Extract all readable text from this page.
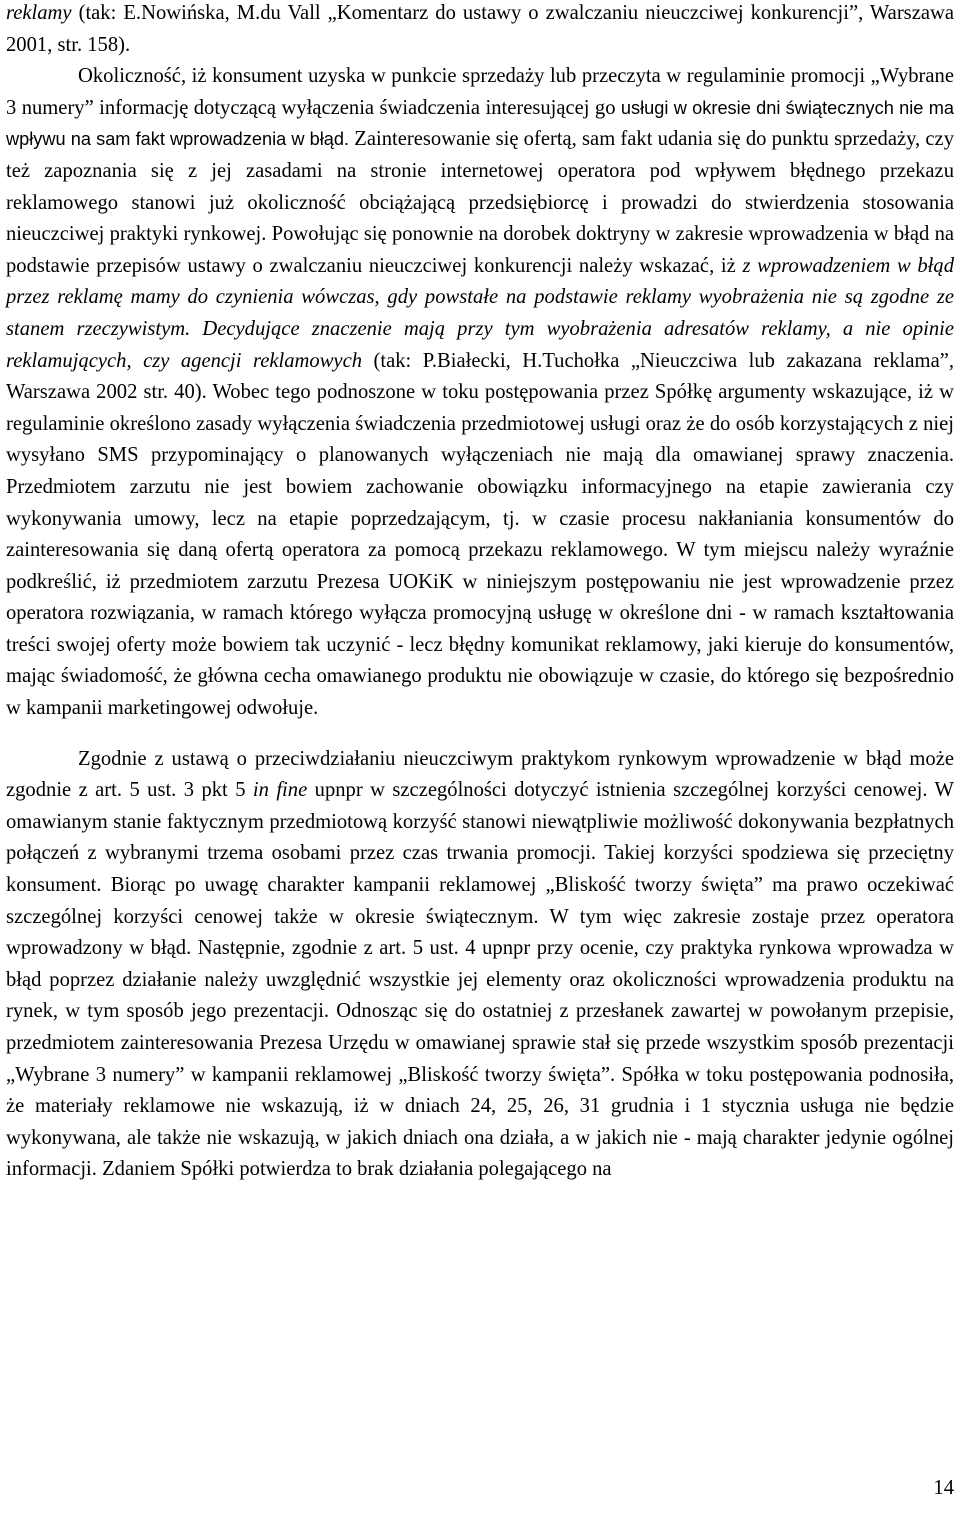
reklamy (tak: E.Nowińska, M.du Vall „Komentarz do ustawy o zwalczaniu nieuczciwej konkurencji”, Warszawa 2001, str. 158).

Okoliczność, iż konsument uzyska w punkcie sprzedaży lub przeczyta w regulaminie promocji „Wybrane 3 numery” informację dotyczącą wyłączenia świadczenia interesującej go usługi w okresie dni świątecznych nie ma wpływu na sam fakt wprowadzenia w błąd. Zainteresowanie się ofertą, sam fakt udania się do punktu sprzedaży, czy też zapoznania się z jej zasadami na stronie internetowej operatora pod wpływem błędnego przekazu reklamowego stanowi już okoliczność obciążającą przedsiębiorcę i prowadzi do stwierdzenia stosowania nieuczciwej praktyki rynkowej. Powołując się ponownie na dorobek doktryny w zakresie wprowadzenia w błąd na podstawie przepisów ustawy o zwalczaniu nieuczciwej konkurencji należy wskazać, iż z wprowadzeniem w błąd przez reklamę mamy do czynienia wówczas, gdy powstałe na podstawie reklamy wyobrażenia nie są zgodne ze stanem rzeczywistym. Decydujące znaczenie mają przy tym wyobrażenia adresatów reklamy, a nie opinie reklamujących, czy agencji reklamowych (tak: P.Białecki, H.Tuchołka „Nieuczciwa lub zakazana reklama”, Warszawa 2002 str. 40). Wobec tego podnoszone w toku postępowania przez Spółkę argumenty wskazujące, iż w regulaminie określono zasady wyłączenia świadczenia przedmiotowej usługi oraz że do osób korzystających z niej wysyłano SMS przypominający o planowanych wyłączeniach nie mają dla omawianej sprawy znaczenia. Przedmiotem zarzutu nie jest bowiem zachowanie obowiązku informacyjnego na etapie zawierania czy wykonywania umowy, lecz na etapie poprzedzającym, tj. w czasie procesu nakłaniania konsumentów do zainteresowania się daną ofertą operatora za pomocą przekazu reklamowego. W tym miejscu należy wyraźnie podkreślić, iż przedmiotem zarzutu Prezesa UOKiK w niniejszym postępowaniu nie jest wprowadzenie przez operatora rozwiązania, w ramach którego wyłącza promocyjną usługę w określone dni - w ramach kształtowania treści swojej oferty może bowiem tak uczynić - lecz błędny komunikat reklamowy, jaki kieruje do konsumentów, mając świadomość, że główna cecha omawianego produktu nie obowiązuje w czasie, do którego się bezpośrednio w kampanii marketingowej odwołuje.

Zgodnie z ustawą o przeciwdziałaniu nieuczciwym praktykom rynkowym wprowadzenie w błąd może zgodnie z art. 5 ust. 3 pkt 5 in fine upnpr w szczególności dotyczyć istnienia szczególnej korzyści cenowej. W omawianym stanie faktycznym przedmiotową korzyść stanowi niewątpliwie możliwość dokonywania bezpłatnych połączeń z wybranymi trzema osobami przez czas trwania promocji. Takiej korzyści spodziewa się przeciętny konsument. Biorąc po uwagę charakter kampanii reklamowej „Bliskość tworzy święta” ma prawo oczekiwać szczególnej korzyści cenowej także w okresie świątecznym. W tym więc zakresie zostaje przez operatora wprowadzony w błąd. Następnie, zgodnie z art. 5 ust. 4 upnpr przy ocenie, czy praktyka rynkowa wprowadza w błąd poprzez działanie należy uwzględnić wszystkie jej elementy oraz okoliczności wprowadzenia produktu na rynek, w tym sposób jego prezentacji. Odnosząc się do ostatniej z przesłanek zawartej w powołanym przepisie, przedmiotem zainteresowania Prezesa Urzędu w omawianej sprawie stał się przede wszystkim sposób prezentacji „Wybrane 3 numery” w kampanii reklamowej „Bliskość tworzy święta”. Spółka w toku postępowania podnosiła, że materiały reklamowe nie wskazują, iż w dniach 24, 25, 26, 31 grudnia i 1 stycznia usługa nie będzie wykonywana, ale także nie wskazują, w jakich dniach ona działa, a w jakich nie - mają charakter jedynie ogólnej informacji. Zdaniem Spółki potwierdza to brak działania polegającego na

14
